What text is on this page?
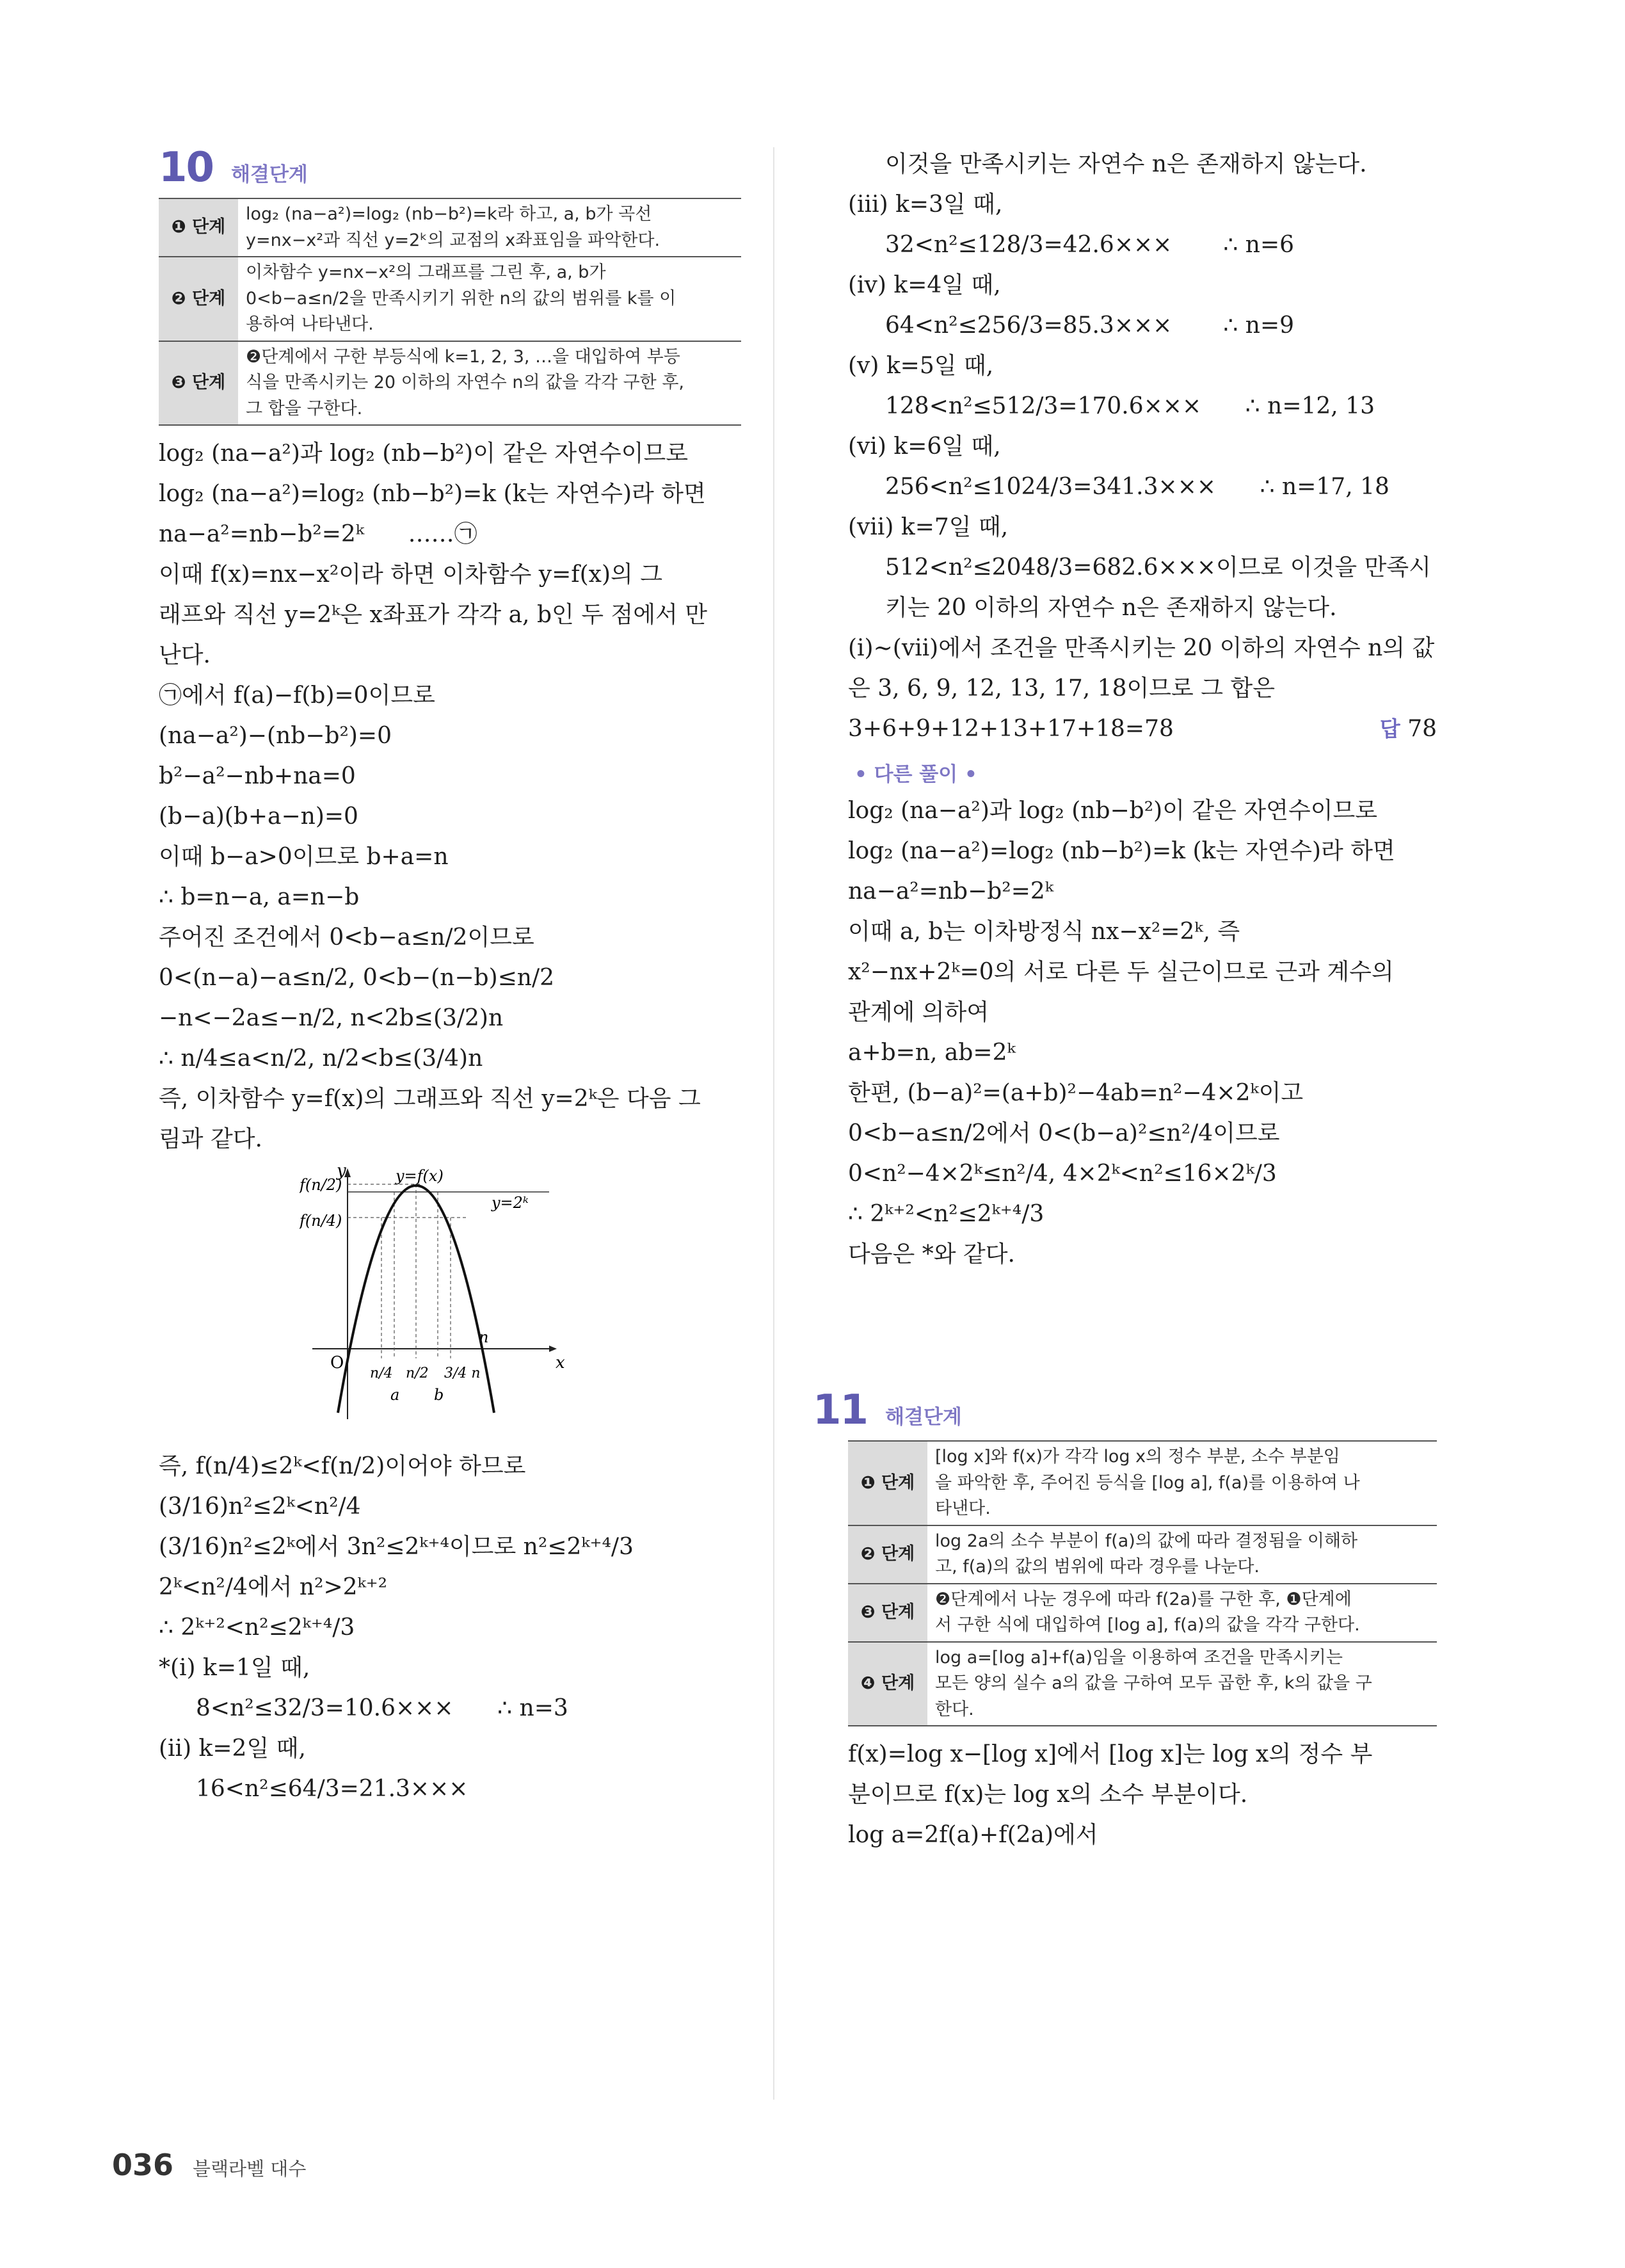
10 해결단계
❶ 단계	log₂ (na−a²)=log₂ (nb−b²)=k라 하고, a, b가 곡선
y=nx−x²과 직선 y=2ᵏ의 교점의 x좌표임을 파악한다.

❷ 단계	이차함수 y=nx−x²의 그래프를 그린 후, a, b가
0<b−a≤n/2을 만족시키기 위한 n의 값의 범위를 k를 이
용하여 나타낸다.

❸ 단계	❷단계에서 구한 부등식에 k=1, 2, 3, …을 대입하여 부등
식을 만족시키는 20 이하의 자연수 n의 값을 각각 구한 후,
그 합을 구한다.
log₂ (na−a²)과 log₂ (nb−b²)이 같은 자연수이므로
log₂ (na−a²)=log₂ (nb−b²)=k (k는 자연수)라 하면
na−a²=nb−b²=2ᵏ      ……㉠
이때 f(x)=nx−x²이라 하면 이차함수 y=f(x)의 그
래프와 직선 y=2ᵏ은 x좌표가 각각 a, b인 두 점에서 만
난다.
㉠에서 f(a)−f(b)=0이므로
(na−a²)−(nb−b²)=0
b²−a²−nb+na=0
(b−a)(b+a−n)=0
이때 b−a>0이므로 b+a=n
∴ b=n−a, a=n−b
주어진 조건에서 0<b−a≤n/2이므로
0<(n−a)−a≤n/2, 0<b−(n−b)≤n/2
−n<−2a≤−n/2, n<2b≤(3/2)n
∴ n/4≤a<n/2, n/2<b≤(3/4)n
즉, 이차함수 y=f(x)의 그래프와 직선 y=2ᵏ은 다음 그
림과 같다.
y
x
O
y=f(x)
y=2ᵏ
f(n/2)
f(n/4)
n
n/4 n/2 3/4 n
a b
즉, f(n/4)≤2ᵏ<f(n/2)이어야 하므로
(3/16)n²≤2ᵏ<n²/4
(3/16)n²≤2ᵏ에서 3n²≤2ᵏ⁺⁴이므로 n²≤2ᵏ⁺⁴/3
2ᵏ<n²/4에서 n²>2ᵏ⁺²
∴ 2ᵏ⁺²<n²≤2ᵏ⁺⁴/3
*(ⅰ) k=1일 때,
8<n²≤32/3=10.6×××      ∴ n=3
(ⅱ) k=2일 때,
16<n²≤64/3=21.3×××
이것을 만족시키는 자연수 n은 존재하지 않는다.
(ⅲ) k=3일 때,
32<n²≤128/3=42.6×××       ∴ n=6
(ⅳ) k=4일 때,
64<n²≤256/3=85.3×××       ∴ n=9
(ⅴ) k=5일 때,
128<n²≤512/3=170.6×××      ∴ n=12, 13
(ⅵ) k=6일 때,
256<n²≤1024/3=341.3×××      ∴ n=17, 18
(ⅶ) k=7일 때,
512<n²≤2048/3=682.6×××이므로 이것을 만족시
키는 20 이하의 자연수 n은 존재하지 않는다.
(ⅰ)~(ⅶ)에서 조건을 만족시키는 20 이하의 자연수 n의 값
은 3, 6, 9, 12, 13, 17, 18이므로 그 합은
3+6+9+12+13+17+18=78	답 78
• 다른 풀이 •
log₂ (na−a²)과 log₂ (nb−b²)이 같은 자연수이므로
log₂ (na−a²)=log₂ (nb−b²)=k (k는 자연수)라 하면
na−a²=nb−b²=2ᵏ
이때 a, b는 이차방정식 nx−x²=2ᵏ, 즉
x²−nx+2ᵏ=0의 서로 다른 두 실근이므로 근과 계수의
관계에 의하여
a+b=n, ab=2ᵏ
한편, (b−a)²=(a+b)²−4ab=n²−4×2ᵏ이고
0<b−a≤n/2에서 0<(b−a)²≤n²/4이므로
0<n²−4×2ᵏ≤n²/4, 4×2ᵏ<n²≤16×2ᵏ/3
∴ 2ᵏ⁺²<n²≤2ᵏ⁺⁴/3
다음은 *와 같다.
11 해결단계
❶ 단계	[log x]와 f(x)가 각각 log x의 정수 부분, 소수 부분임
을 파악한 후, 주어진 등식을 [log a], f(a)를 이용하여 나
타낸다.

❷ 단계	log 2a의 소수 부분이 f(a)의 값에 따라 결정됨을 이해하
고, f(a)의 값의 범위에 따라 경우를 나눈다.

❸ 단계	❷단계에서 나눈 경우에 따라 f(2a)를 구한 후, ❶단계에
서 구한 식에 대입하여 [log a], f(a)의 값을 각각 구한다.

❹ 단계	log a=[log a]+f(a)임을 이용하여 조건을 만족시키는
모든 양의 실수 a의 값을 구하여 모두 곱한 후, k의 값을 구
한다.
f(x)=log x−[log x]에서 [log x]는 log x의 정수 부
분이므로 f(x)는 log x의 소수 부분이다.
log a=2f(a)+f(2a)에서
036 블랙라벨 대수
